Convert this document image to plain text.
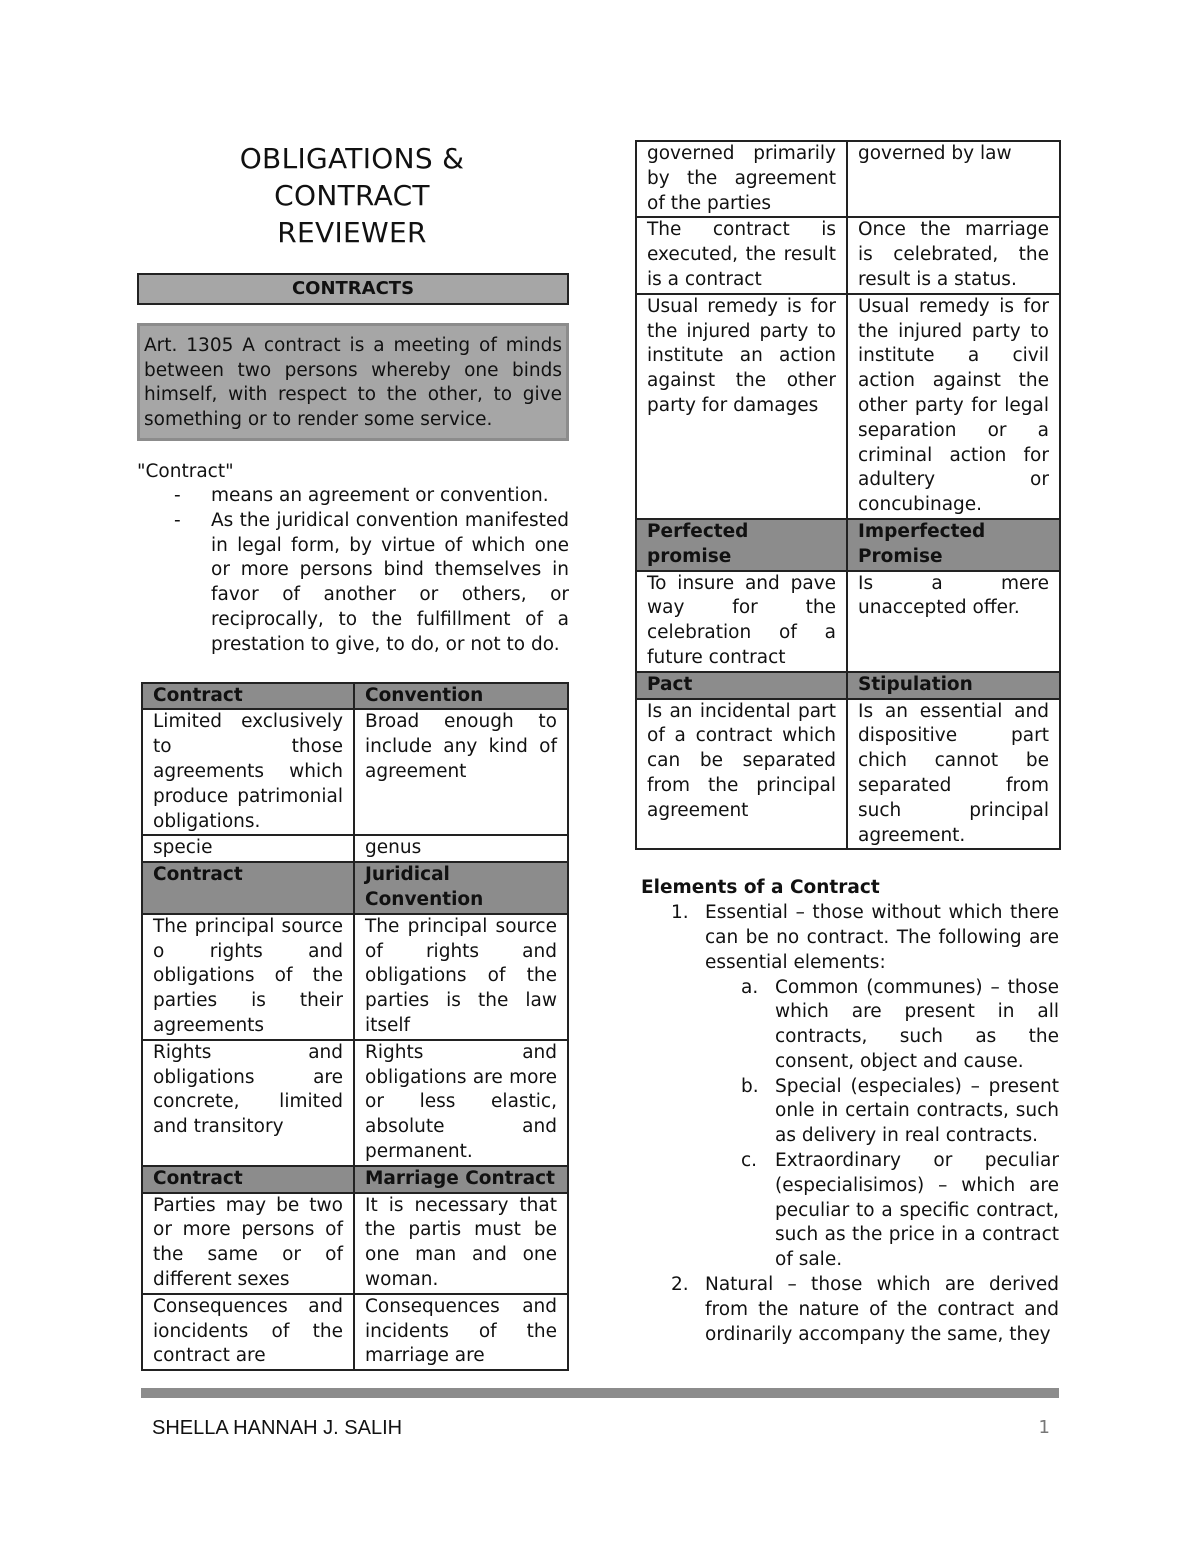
OBLIGATIONS &
CONTRACT
REVIEWER
CONTRACTS
Art. 1305 A contract is a meeting of minds between two persons whereby one binds himself, with respect to the other, to give something or to render some service.
"Contract"
- means an agreement or convention.
- As the juridical convention manifested in legal form, by virtue of which one or more persons bind themselves in favor of another or others, or reciprocally, to the fulfillment of a prestation to give, to do, or not to do.
Contract	Convention
Limited exclusively to those agreements which produce patrimonial obligations.	Broad enough to include any kind of agreement
specie	genus
Contract	Juridical Convention
The principal source o rights and obligations of the parties is their agreements	The principal source of rights and obligations of the parties is the law itself
Rights and obligations are concrete, limited and transitory	Rights and obligations are more or less elastic, absolute and permanent.
Contract	Marriage Contract
Parties may be two or more persons of the same or of different sexes	It is necessary that the partis must be one man and one woman.
Consequences and ioncidents of the contract are	Consequences and incidents of the marriage are
governed primarily by the agreement of the parties	governed by law
The contract is executed, the result is a contract	Once the marriage is celebrated, the result is a status.
Usual remedy is for the injured party to institute an action against the other party for damages	Usual remedy is for the injured party to institute a civil action against the other party for legal separation or a criminal action for adultery or concubinage.
Perfected promise	Imperfected Promise
To insure and pave way for the celebration of a future contract	Is a mere unaccepted offer.
Pact	Stipulation
Is an incidental part of a contract which can be separated from the principal agreement	Is an essential and dispositive part chich cannot be separated from such principal agreement.
Elements of a Contract
1. Essential – those without which there can be no contract. The following are essential elements:
a. Common (communes) – those which are present in all contracts, such as the consent, object and cause.
b. Special (especiales) – present onle in certain contracts, such as delivery in real contracts.
c. Extraordinary or peculiar (especialisimos) – which are peculiar to a specific contract, such as the price in a contract of sale.
2. Natural – those which are derived from the nature of the contract and ordinarily accompany the same, they
SHELLA HANNAH J. SALIH	1
